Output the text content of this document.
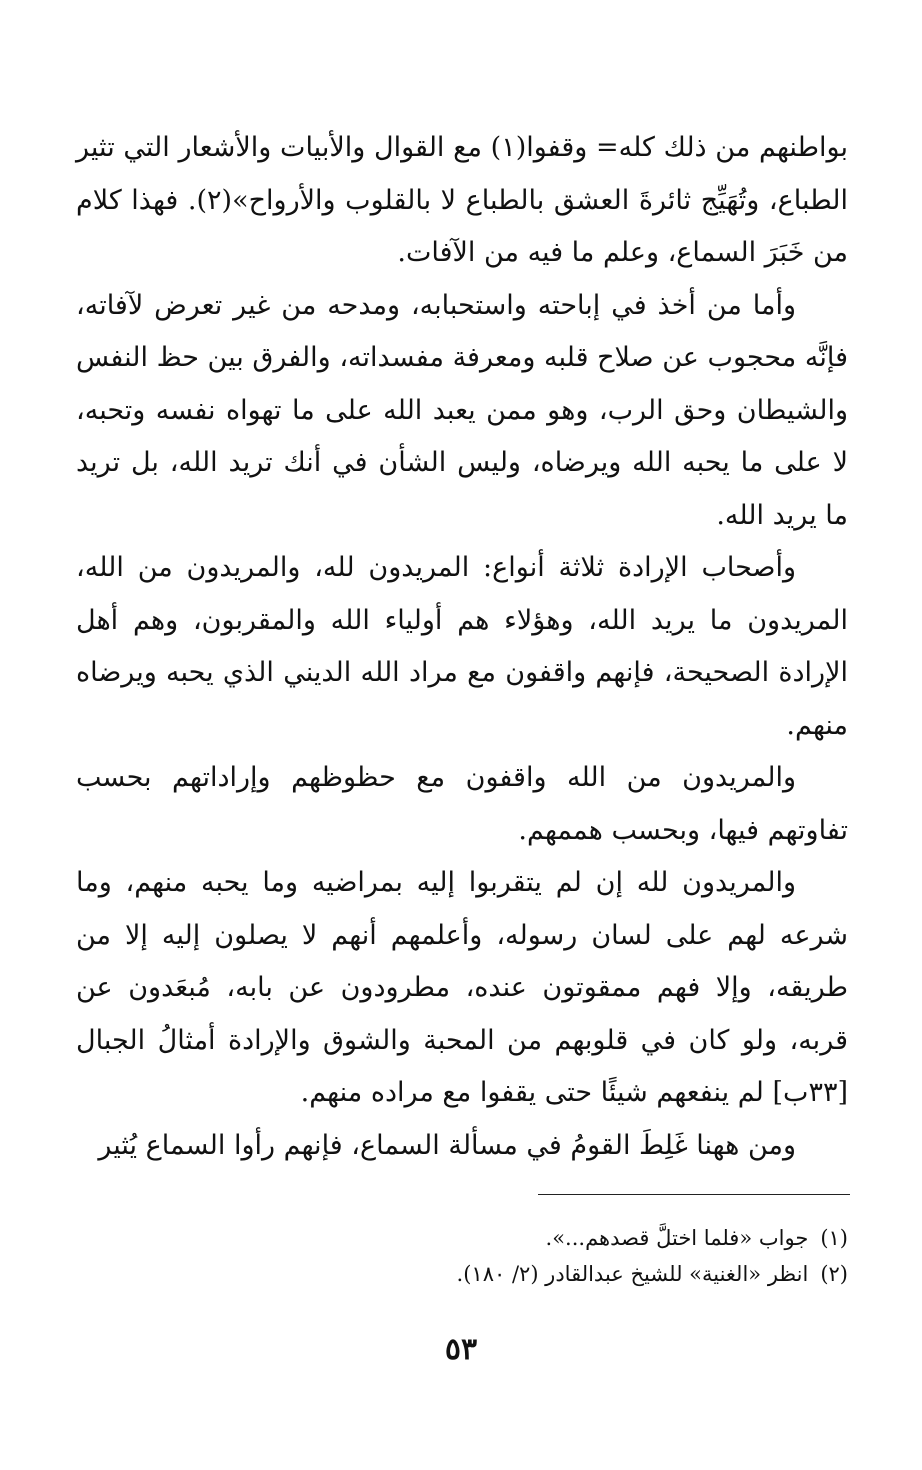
بواطنهم من ذلك كله= وقفوا(١) مع القوال والأبيات والأشعار التي تثير الطباع، وتُهَيِّج ثائرةَ العشق بالطباع لا بالقلوب والأرواح»(٢). فهذا كلام من خَبَرَ السماع، وعلم ما فيه من الآفات.

وأما من أخذ في إباحته واستحبابه، ومدحه من غير تعرض لآفاته، فإنَّه محجوب عن صلاح قلبه ومعرفة مفسداته، والفرق بين حظ النفس والشيطان وحق الرب، وهو ممن يعبد الله على ما تهواه نفسه وتحبه، لا على ما يحبه الله ويرضاه، وليس الشأن في أنك تريد الله، بل تريد ما يريد الله.

وأصحاب الإرادة ثلاثة أنواع: المريدون لله، والمريدون من الله، المريدون ما يريد الله، وهؤلاء هم أولياء الله والمقربون، وهم أهل الإرادة الصحيحة، فإنهم واقفون مع مراد الله الديني الذي يحبه ويرضاه منهم.

والمريدون من الله واقفون مع حظوظهم وإراداتهم بحسب تفاوتهم فيها، وبحسب هممهم.

والمريدون لله إن لم يتقربوا إليه بمراضيه وما يحبه منهم، وما شرعه لهم على لسان رسوله، وأعلمهم أنهم لا يصلون إليه إلا من طريقه، وإلا فهم ممقوتون عنده، مطرودون عن بابه، مُبعَدون عن قربه، ولو كان في قلوبهم من المحبة والشوق والإرادة أمثالُ الجبال [٣٣ب] لم ينفعهم شيئًا حتى يقفوا مع مراده منهم.

ومن ههنا غَلِطَ القومُ في مسألة السماع، فإنهم رأوا السماع يُثير

(١)جواب «فلما اختلَّ قصدهم...».

(٢)انظر «الغنية» للشيخ عبدالقادر (٢/ ١٨٠).

٥٣
